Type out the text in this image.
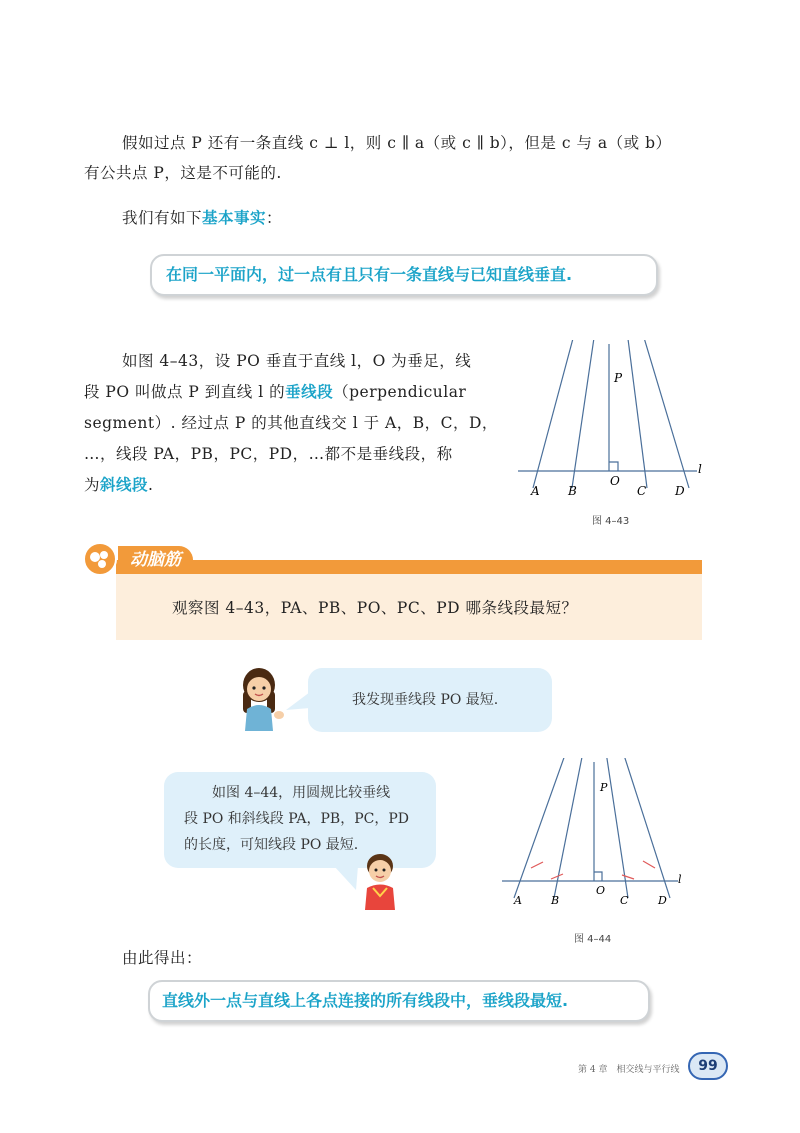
假如过点 P 还有一条直线 c ⊥ l，则 c ∥ a（或 c ∥ b），但是 c 与 a（或 b）
有公共点 P，这是不可能的.
我们有如下基本事实：
在同一平面内，过一点有且只有一条直线与已知直线垂直.
如图 4–43，设 PO 垂直于直线 l，O 为垂足，线
段 PO 叫做点 P 到直线 l 的垂线段（perpendicular
segment）. 经过点 P 的其他直线交 l 于 A，B，C，D，
…，线段 PA，PB，PC，PD，…都不是垂线段，称
为斜线段.
P
O
l
A B	C D
图 4–43
动脑筋
观察图 4–43，PA、PB、PO、PC、PD 哪条线段最短？
我发现垂线段 PO 最短.
如图 4–44，用圆规比较垂线
段 PO 和斜线段 PA，PB，PC，PD
的长度，可知线段 PO 最短.
P
O
l
A	B	C	D
图 4–44
由此得出：
直线外一点与直线上各点连接的所有线段中，垂线段最短.
第 4 章　相交线与平行线	99
